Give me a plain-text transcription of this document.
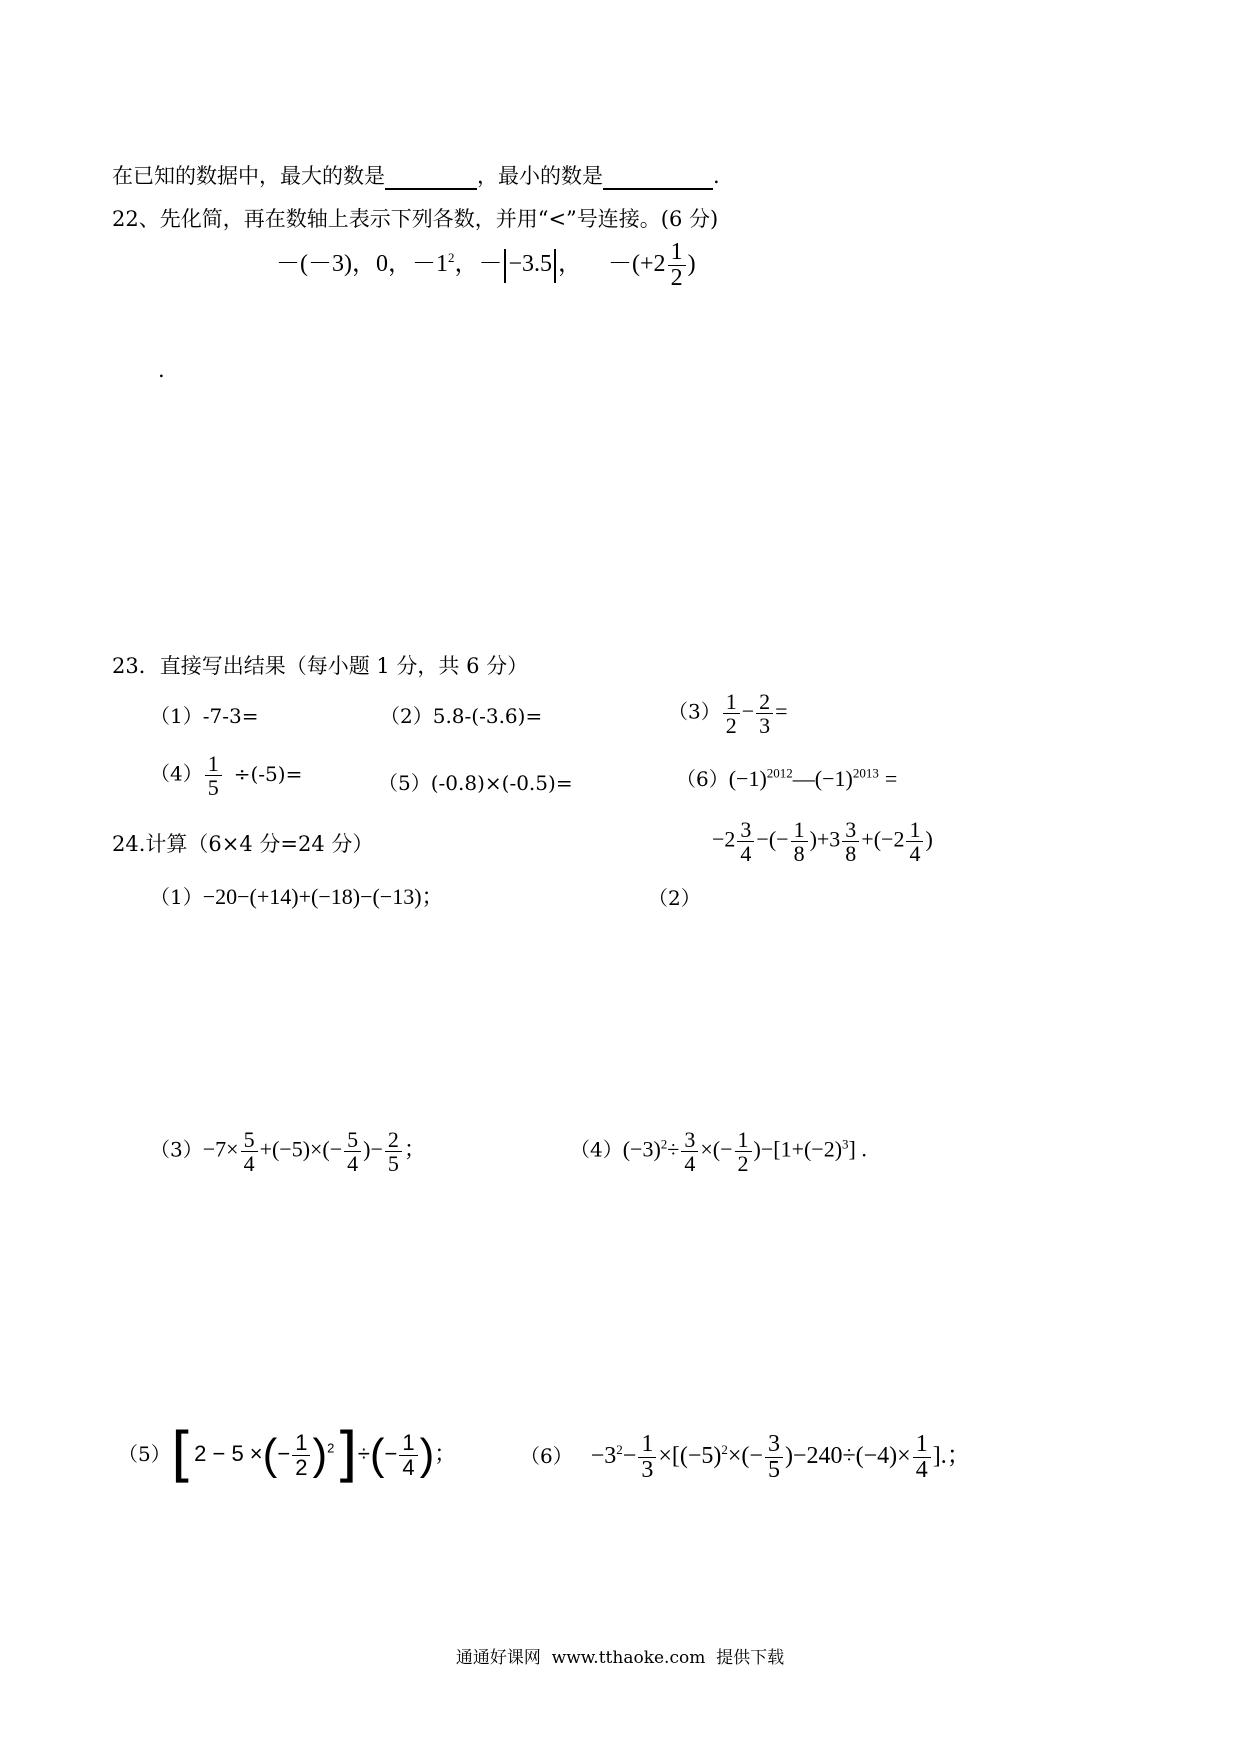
在已知的数据中，最大的数是	，最小的数是	.
22、先化简，再在数轴上表示下列各数，并用“<”号连接。(6 分)
－(－3)，0，$-1^2$，－ −3.5 ， $-(+2 \frac{1}{2}$ )
.
23．直接写出结果（每小题 1 分，共 6 分）
（1）-7-3=	（2）5.8-(-3.6)=	$(3) \frac{1}{2} - \frac{2}{3}$ =
$(4) \frac{1}{5} \div(-5)=$	（5）(-0.8)×(-0.5)=	$(6)(-1)^{2012}—(-1)^{2013}$ =
24.计算（6×4 分=24 分）	$-2 \frac{3}{4}$ −(− $\frac{1}{8} )+3 \frac{3}{8} +(-2 \frac{1}{4}$ )
（1）−20−(+14)+(−18)−(−13)；	（2）
$(3)-7\times \frac{5}{4} +(-5)\times(- \frac{5}{4}$ )− $\frac{2}{5}$ ；	$(4)(-3)^2\div \frac{3}{4}$ ×(− $\frac{1}{2} )-[1+(-2)^3]$ .
（5）[2 − 5 ×(− $\frac{1}{2} )^2]\div(- \frac{1}{4}$ )；	$(6) -3^2- \frac{1}{3} \times[(-5)^2\times(- \frac{3}{5} )-240\div(-4)\times \frac{1}{4}$ ].；
通通好课网  www.tthaoke.com  提供下载
